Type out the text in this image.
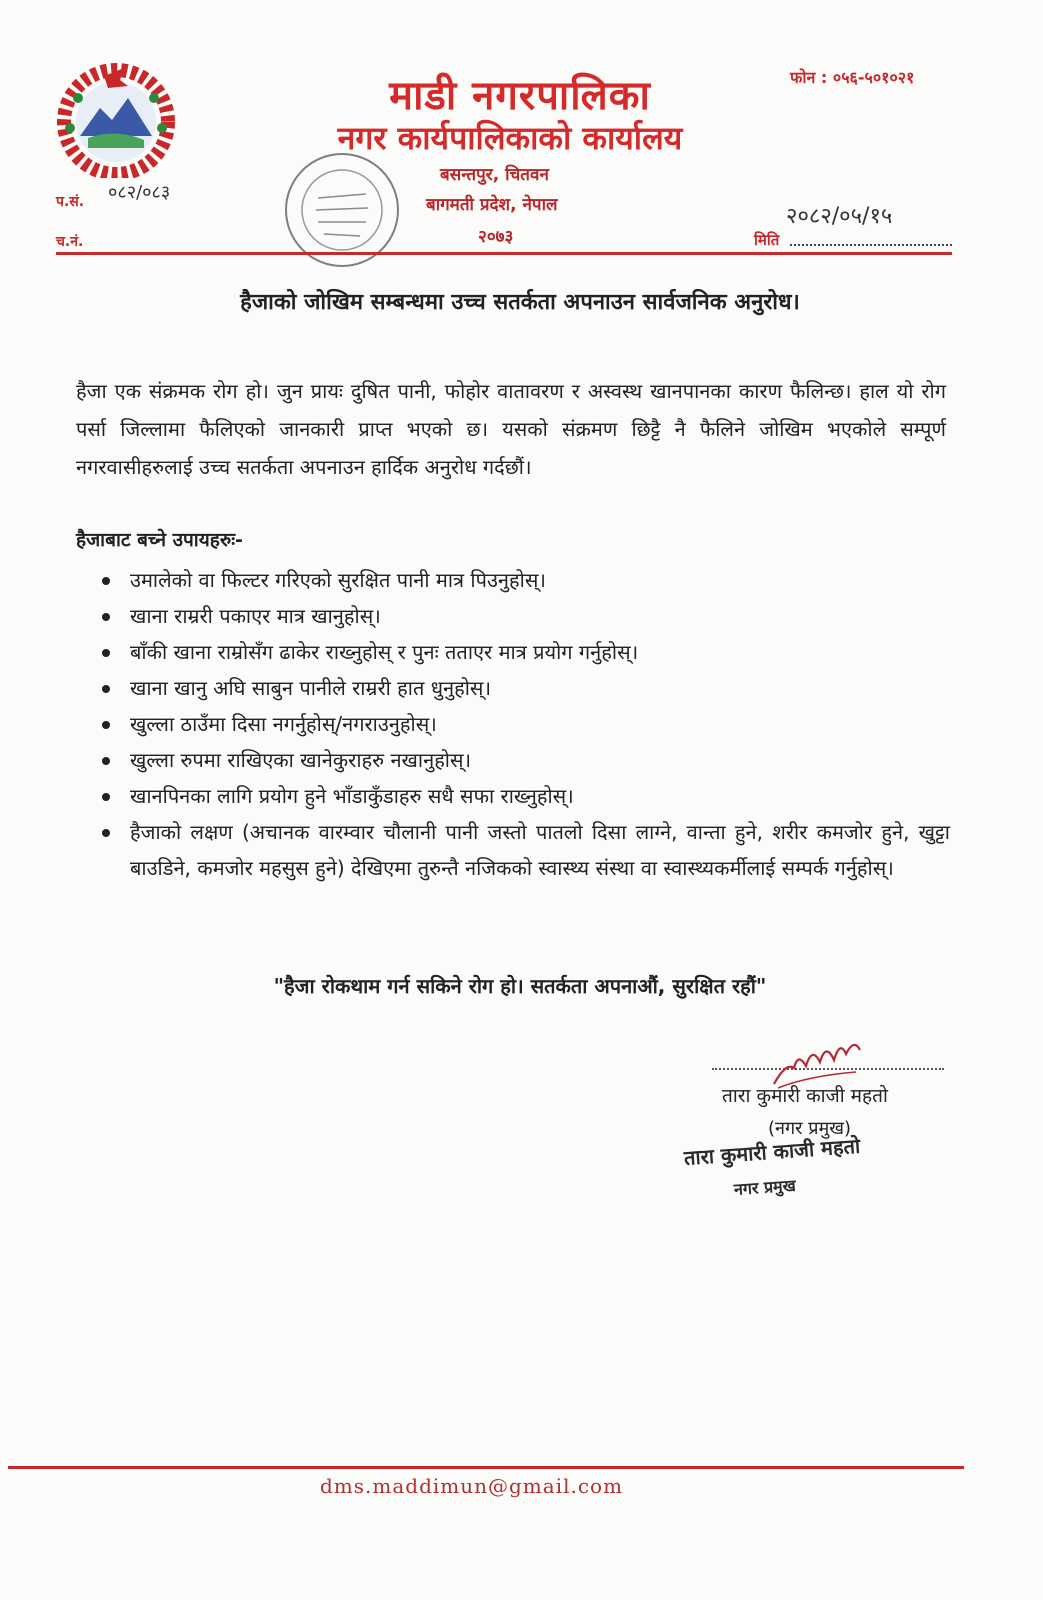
माडी नगरपालिका
नगर कार्यपालिकाको कार्यालय
बसन्तपुर, चितवन
बागमती प्रदेश, नेपाल
२०७३
फोन : ०५६-५०१०२१
प.सं. ०८२/०८३
च.नं.
२०८२/०५/१५
मिति
हैजाको जोखिम सम्बन्धमा उच्च सतर्कता अपनाउन सार्वजनिक अनुरोध।
हैजा एक संक्रमक रोग हो। जुन प्रायः दुषित पानी, फोहोर वातावरण र अस्वस्थ खानपानका कारण फैलिन्छ। हाल यो रोग पर्सा जिल्लामा फैलिएको जानकारी प्राप्त भएको छ। यसको संक्रमण छिट्टै नै फैलिने जोखिम भएकोले सम्पूर्ण नगरवासीहरुलाई उच्च सतर्कता अपनाउन हार्दिक अनुरोध गर्दछौं।
हैजाबाट बच्ने उपायहरुः-
उमालेको वा फिल्टर गरिएको सुरक्षित पानी मात्र पिउनुहोस्।
खाना राम्ररी पकाएर मात्र खानुहोस्।
बाँकी खाना राम्रोसँग ढाकेर राख्नुहोस् र पुनः तताएर मात्र प्रयोग गर्नुहोस्।
खाना खानु अघि साबुन पानीले राम्ररी हात धुनुहोस्।
खुल्ला ठाउँमा दिसा नगर्नुहोस्/नगराउनुहोस्।
खुल्ला रुपमा राखिएका खानेकुराहरु नखानुहोस्।
खानपिनका लागि प्रयोग हुने भाँडाकुँडाहरु सधै सफा राख्नुहोस्।
हैजाको लक्षण (अचानक वारम्वार चौलानी पानी जस्तो पातलो दिसा लाग्ने, वान्ता हुने, शरीर कमजोर हुने, खुट्टा बाउडिने, कमजोर महसुस हुने) देखिएमा तुरुन्तै नजिकको स्वास्थ्य संस्था वा स्वास्थ्यकर्मीलाई सम्पर्क गर्नुहोस्।
"हैजा रोकथाम गर्न सकिने रोग हो। सतर्कता अपनाऔं, सुरक्षित रहौं"
तारा कुमारी काजी महतो
(नगर प्रमुख)
तारा कुमारी काजी महतो
नगर प्रमुख
dms.maddimun@gmail.com
